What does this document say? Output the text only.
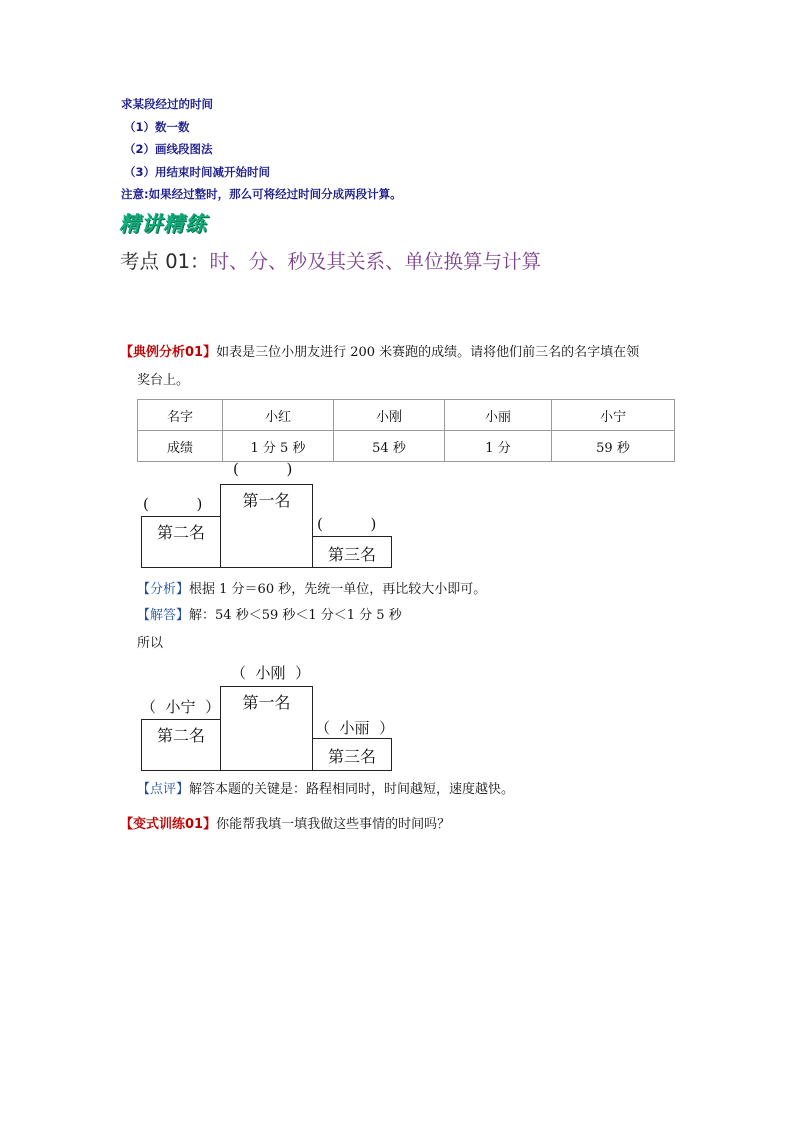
求某段经过的时间
（1）数一数
（2）画线段图法
（3）用结束时间减开始时间
注意:如果经过整时，那么可将经过时间分成两段计算。
精讲精练
考点 01：时、分、秒及其关系、单位换算与计算
【典例分析01】如表是三位小朋友进行 200 米赛跑的成绩。请将他们前三名的名字填在领
奖台上。
名字	小红	小刚	小丽	小宁
成绩	1 分 5 秒	54 秒	1 分	59 秒
(          )
(          )
(          )
第二名
第一名
第三名
【分析】根据 1 分＝60 秒，先统一单位，再比较大小即可。
【解答】解：54 秒＜59 秒＜1 分＜1 分 5 秒
所以
（  小刚  ）
（  小宁  ）
（  小丽  ）
第二名
第一名
第三名
【点评】解答本题的关键是：路程相同时，时间越短，速度越快。
【变式训练01】你能帮我填一填我做这些事情的时间吗？
